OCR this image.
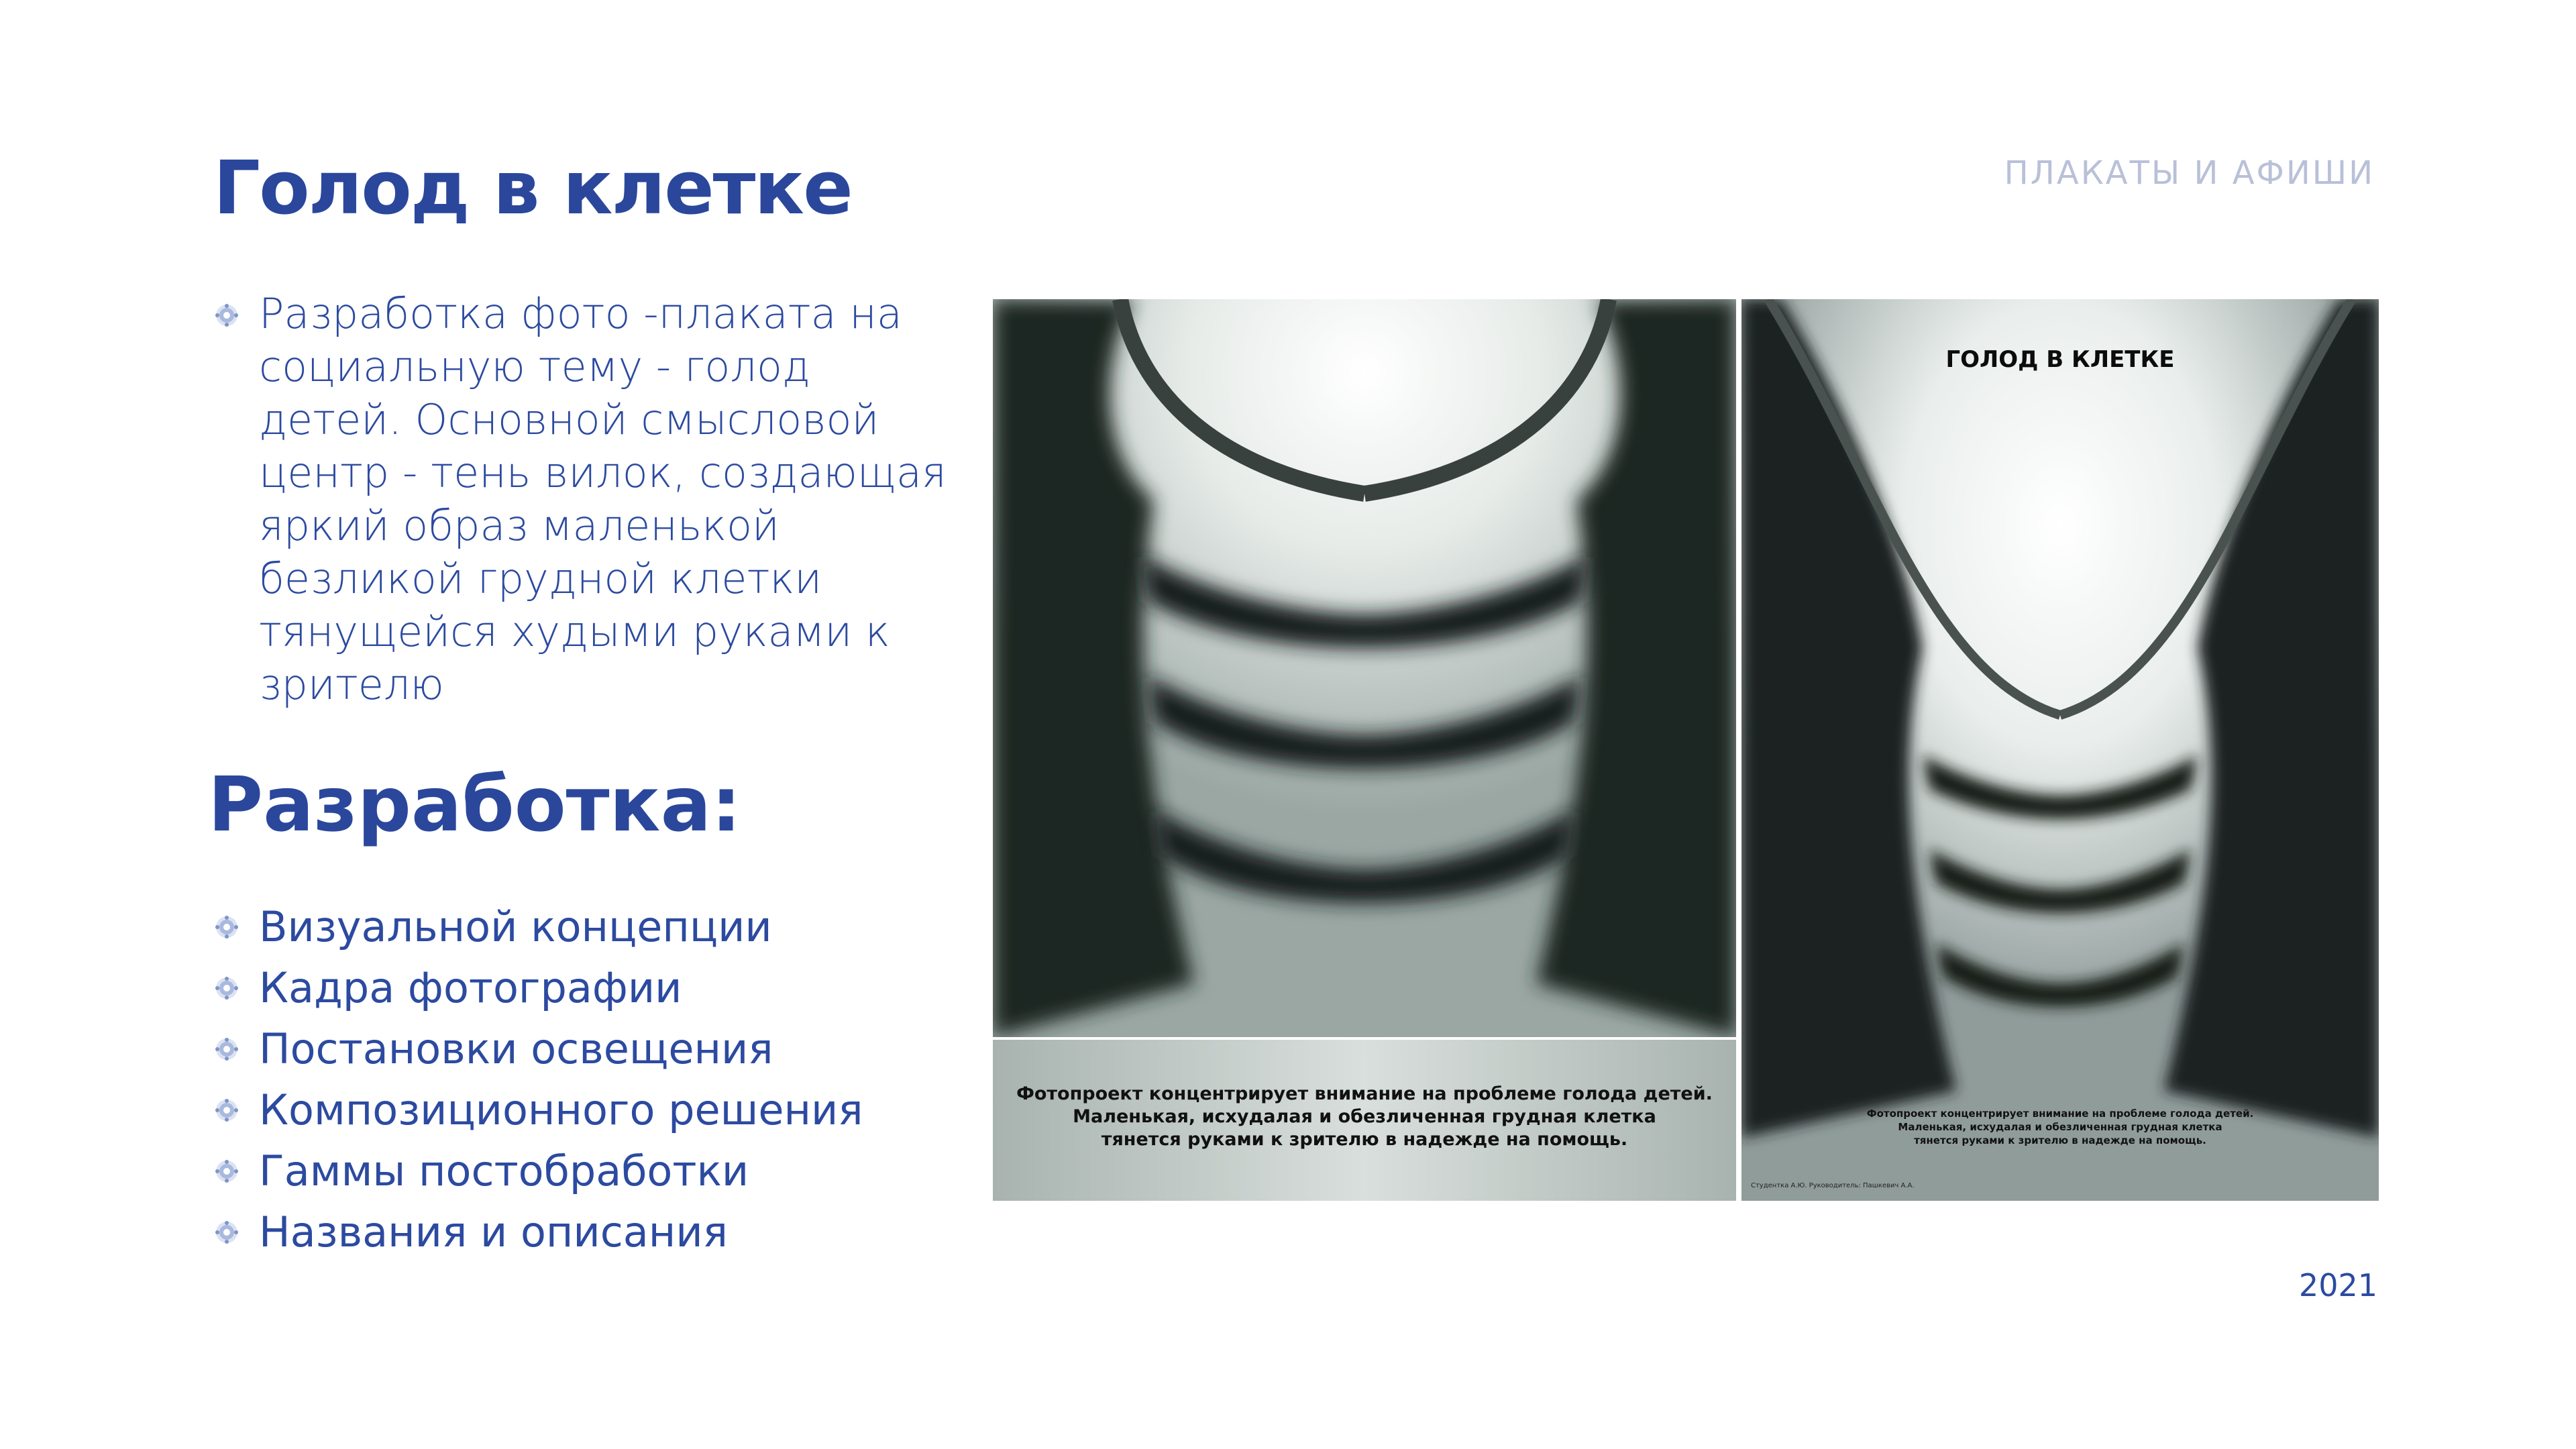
Голод в клетке	ПЛАКАТЫ И АФИШИ
Разработка фото -плаката на социальную тему - голод детей. Основной смысловой центр - тень вилок, создающая яркий образ маленькой безликой грудной клетки тянущейся худыми руками к зрителю
Разработка:
Визуальной концепции
Кадра фотографии
Постановки освещения
Композиционного решения
Гаммы постобработки
Названия и описания
Фотопроект концентрирует внимание на проблеме голода детей.
Маленькая, исхудалая и обезличенная грудная клетка
тянется руками к зрителю в надежде на помощь.
ГОЛОД В КЛЕТКЕ
Фотопроект концентрирует внимание на проблеме голода детей.
Маленькая, исхудалая и обезличенная грудная клетка
тянется руками к зрителю в надежде на помощь.
Студентка А.Ю. Руководитель: Пашкевич А.А.
2021
